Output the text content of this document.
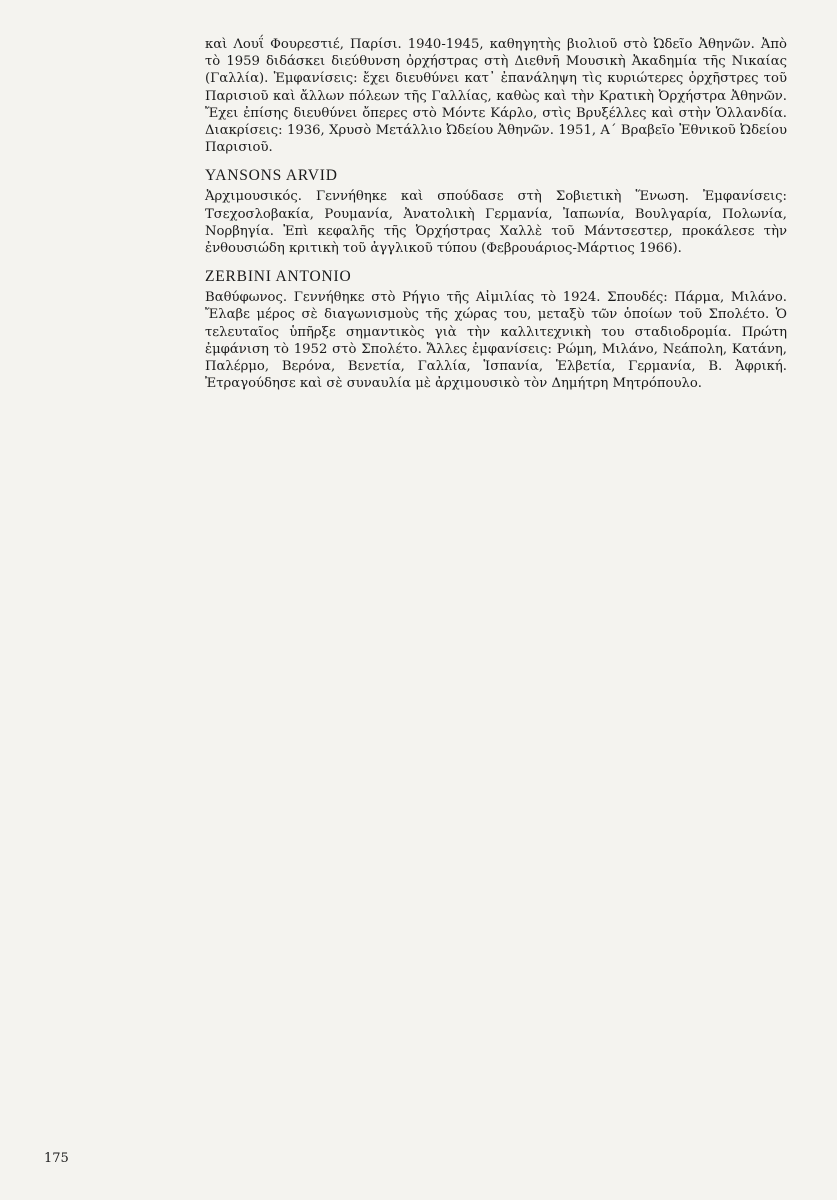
καὶ Λουΐ Φουρεστιέ, Παρίσι. 1940-1945, καθηγητὴς βιολιοῦ στὸ Ὠδεῖο Ἀθηνῶν. Ἀπὸ τὸ 1959 διδάσκει διεύθυνση ὀρχήστρας στὴ Διεθνῆ Μουσικὴ Ἀκαδημία τῆς Νικαίας (Γαλλία). Ἐμφανίσεις: ἔχει διευθύνει κατ᾽ ἐπανάληψη τὶς κυριώτερες ὀρχῆστρες τοῦ Παρισιοῦ καὶ ἄλλων πόλεων τῆς Γαλλίας, καθὼς καὶ τὴν Κρατικὴ Ὀρχήστρα Ἀθηνῶν. Ἔχει ἐπίσης διευθύνει ὄπερες στὸ Μόντε Κάρλο, στὶς Βρυξέλλες καὶ στὴν Ὁλλανδία. Διακρίσεις: 1936, Χρυσὸ Μετάλλιο Ὠδείου Ἀθηνῶν. 1951, Α΄ Βραβεῖο Ἐθνικοῦ Ὠδείου Παρισιοῦ.

YANSONS ARVID

Ἀρχιμουσικός. Γεννήθηκε καὶ σπούδασε στὴ Σοβιετικὴ Ἕνωση. Ἐμφανίσεις: Τσεχοσλοβακία, Ρουμανία, Ἀνατολικὴ Γερμανία, Ἰαπωνία, Βουλγαρία, Πολωνία, Νορβηγία. Ἐπὶ κεφαλῆς τῆς Ὀρχήστρας Χαλλὲ τοῦ Μάντσεστερ, προκάλεσε τὴν ἐνθουσιώδη κριτικὴ τοῦ ἀγγλικοῦ τύπου (Φεβρουάριος-Μάρτιος 1966).

ZERBINI ANTONIO

Βαθύφωνος. Γεννήθηκε στὸ Ρήγιο τῆς Αἰμιλίας τὸ 1924. Σπουδές: Πάρμα, Μιλάνο. Ἔλαβε μέρος σὲ διαγωνισμοὺς τῆς χώρας του, μεταξὺ τῶν ὁποίων τοῦ Σπολέτο. Ὁ τελευταῖος ὑπῆρξε σημαντικὸς γιὰ τὴν καλλιτεχνικὴ του σταδιοδρομία. Πρώτη ἐμφάνιση τὸ 1952 στὸ Σπολέτο. Ἄλλες ἐμφανίσεις: Ρώμη, Μιλάνο, Νεάπολη, Κατάνη, Παλέρμο, Βερόνα, Βενετία, Γαλλία, Ἱσπανία, Ἑλβετία, Γερμανία, Β. Ἀφρική. Ἐτραγούδησε καὶ σὲ συναυλία μὲ ἀρχιμουσικὸ τὸν Δημήτρη Μητρόπουλο.

175
